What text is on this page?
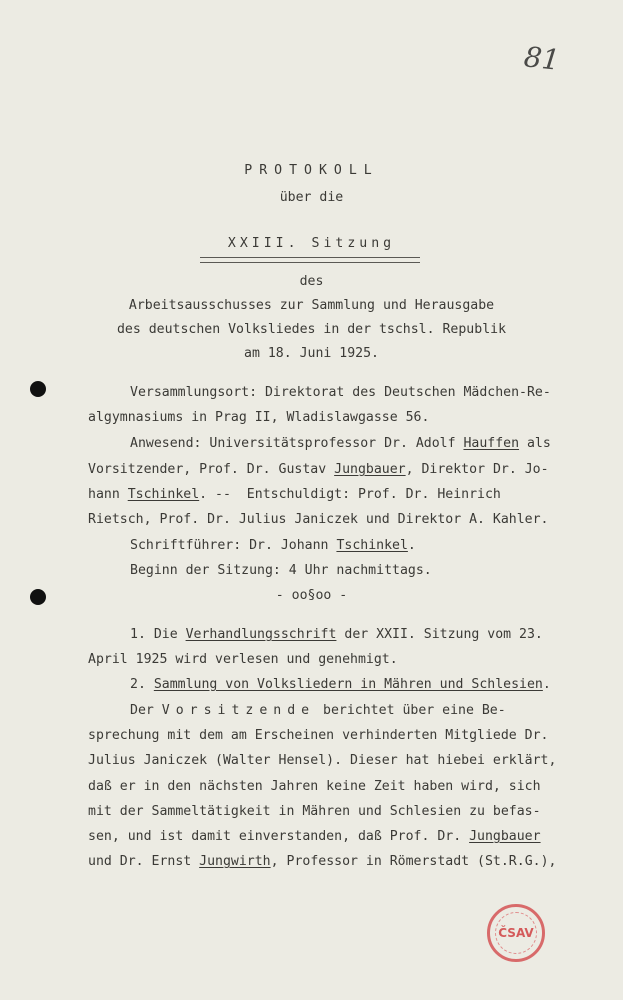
81
PROTOKOLL
über die
XXIII. Sitzung
des
Arbeitsausschusses zur Sammlung und Herausgabe
des deutschen Volksliedes in der tschsl. Republik
am 18. Juni 1925.
Versammlungsort: Direktorat des Deutschen Mädchen-Re-
algymnasiums in Prag II, Wladislawgasse 56.
Anwesend: Universitätsprofessor Dr. Adolf Hauffen als
Vorsitzender, Prof. Dr. Gustav Jungbauer, Direktor Dr. Jo-
hann Tschinkel. --  Entschuldigt: Prof. Dr. Heinrich
Rietsch, Prof. Dr. Julius Janiczek und Direktor A. Kahler.
Schriftführer: Dr. Johann Tschinkel.
Beginn der Sitzung: 4 Uhr nachmittags.
- oo§oo -
1. Die Verhandlungsschrift der XXII. Sitzung vom 23.
April 1925 wird verlesen und genehmigt.
2. Sammlung von Volksliedern in Mähren und Schlesien.
Der Vorsitzende berichtet über eine Be-
sprechung mit dem am Erscheinen verhinderten Mitgliede Dr.
Julius Janiczek (Walter Hensel). Dieser hat hiebei erklärt,
daß er in den nächsten Jahren keine Zeit haben wird, sich
mit der Sammeltätigkeit in Mähren und Schlesien zu befas-
sen, und ist damit einverstanden, daß Prof. Dr. Jungbauer
und Dr. Ernst Jungwirth, Professor in Römerstadt (St.R.G.),
ČSAV
